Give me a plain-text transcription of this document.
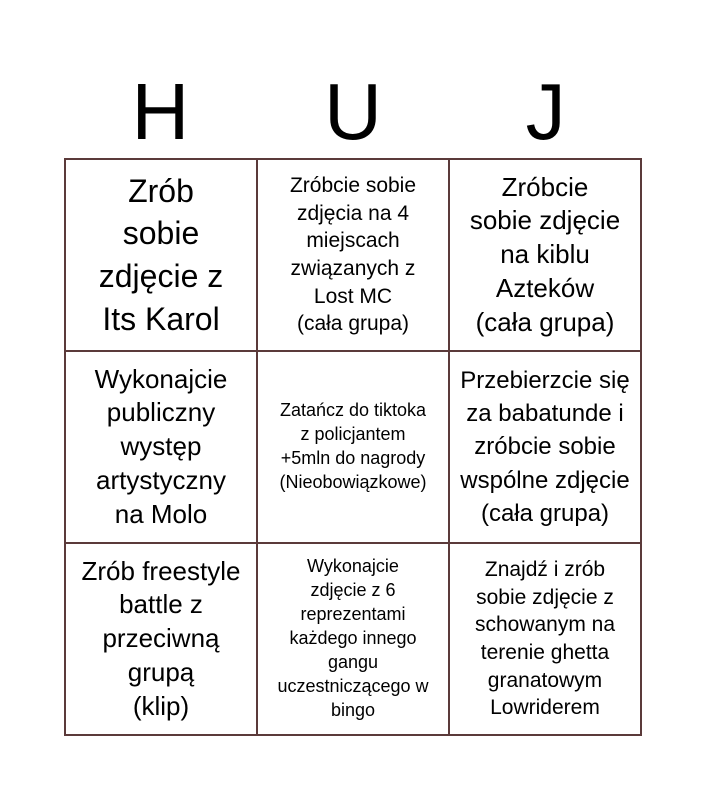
H	U	J
Zrób
sobie
zdjęcie z
Its Karol
Zróbcie sobie
zdjęcia na 4
miejscach
związanych z
Lost MC
(cała grupa)
Zróbcie
sobie zdjęcie
na kiblu
Azteków
(cała grupa)
Wykonajcie
publiczny
występ
artystyczny
na Molo
Zatańcz do tiktoka
z policjantem
+5mln do nagrody
(Nieobowiązkowe)
Przebierzcie się
za babatunde i
zróbcie sobie
wspólne zdjęcie
(cała grupa)
Zrób freestyle
battle z
przeciwną
grupą
(klip)
Wykonajcie
zdjęcie z 6
reprezentami
każdego innego
gangu
uczestniczącego w
bingo
Znajdź i zrób
sobie zdjęcie z
schowanym na
terenie ghetta
granatowym
Lowriderem
